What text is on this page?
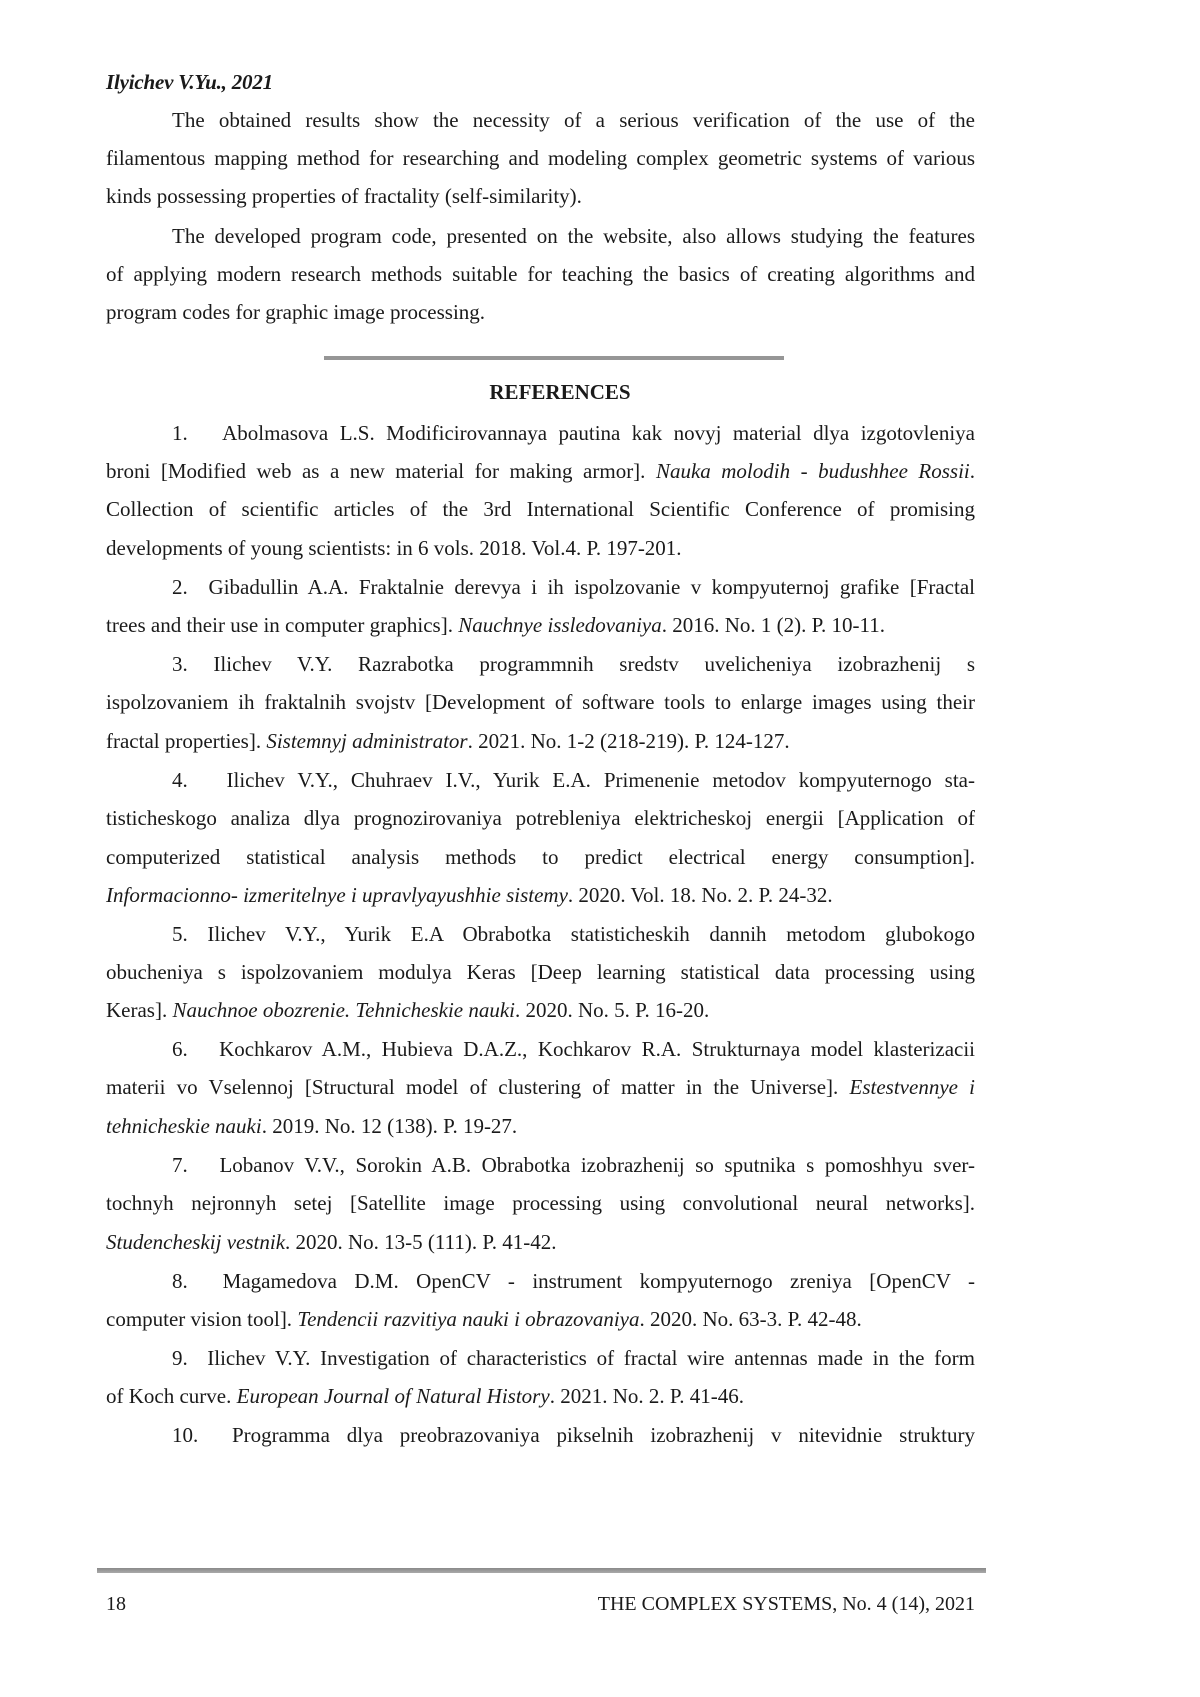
Ilyichev V.Yu., 2021
The obtained results show the necessity of a serious verification of the use of the
filamentous mapping method for researching and modeling complex geometric systems of various
kinds possessing properties of fractality (self-similarity).
The developed program code, presented on the website, also allows studying the features
of applying modern research methods suitable for teaching the basics of creating algorithms and
program codes for graphic image processing.
REFERENCES
1. Abolmasova L.S. Modificirovannaya pautina kak novyj material dlya izgotovleniya
broni [Modified web as a new material for making armor]. Nauka molodih - budushhee Rossii.
Collection of scientific articles of the 3rd International Scientific Conference of promising
developments of young scientists: in 6 vols. 2018. Vol.4. P. 197-201.
2. Gibadullin A.A. Fraktalnie derevya i ih ispolzovanie v kompyuternoj grafike [Fractal
trees and their use in computer graphics]. Nauchnye issledovaniya. 2016. No. 1 (2). P. 10-11.
3. Ilichev V.Y. Razrabotka programmnih sredstv uvelicheniya izobrazhenij s
ispolzovaniem ih fraktalnih svojstv [Development of software tools to enlarge images using their
fractal properties]. Sistemnyj administrator. 2021. No. 1-2 (218-219). P. 124-127.
4. Ilichev V.Y., Chuhraev I.V., Yurik E.A. Primenenie metodov kompyuternogo sta-
tisticheskogo analiza dlya prognozirovaniya potrebleniya elektricheskoj energii [Application of
computerized statistical analysis methods to predict electrical energy consumption].
Informacionno- izmeritelnye i upravlyayushhie sistemy. 2020. Vol. 18. No. 2. P. 24-32.
5. Ilichev V.Y., Yurik E.A Obrabotka statisticheskih dannih metodom glubokogo
obucheniya s ispolzovaniem modulya Keras [Deep learning statistical data processing using
Keras]. Nauchnoe obozrenie. Tehnicheskie nauki. 2020. No. 5. P. 16-20.
6. Kochkarov A.M., Hubieva D.A.Z., Kochkarov R.A. Strukturnaya model klasterizacii
materii vo Vselennoj [Structural model of clustering of matter in the Universe]. Estestvennye i
tehnicheskie nauki. 2019. No. 12 (138). P. 19-27.
7. Lobanov V.V., Sorokin A.B. Obrabotka izobrazhenij so sputnika s pomoshhyu sver-
tochnyh nejronnyh setej [Satellite image processing using convolutional neural networks].
Studencheskij vestnik. 2020. No. 13-5 (111). P. 41-42.
8. Magamedova D.M. OpenCV - instrument kompyuternogo zreniya [OpenCV -
computer vision tool]. Tendencii razvitiya nauki i obrazovaniya. 2020. No. 63-3. P. 42-48.
9. Ilichev V.Y. Investigation of characteristics of fractal wire antennas made in the form
of Koch curve. European Journal of Natural History. 2021. No. 2. P. 41-46.
10. Programma dlya preobrazovaniya pikselnih izobrazhenij v nitevidnie struktury
18	THE COMPLEX SYSTEMS, No. 4 (14), 2021
